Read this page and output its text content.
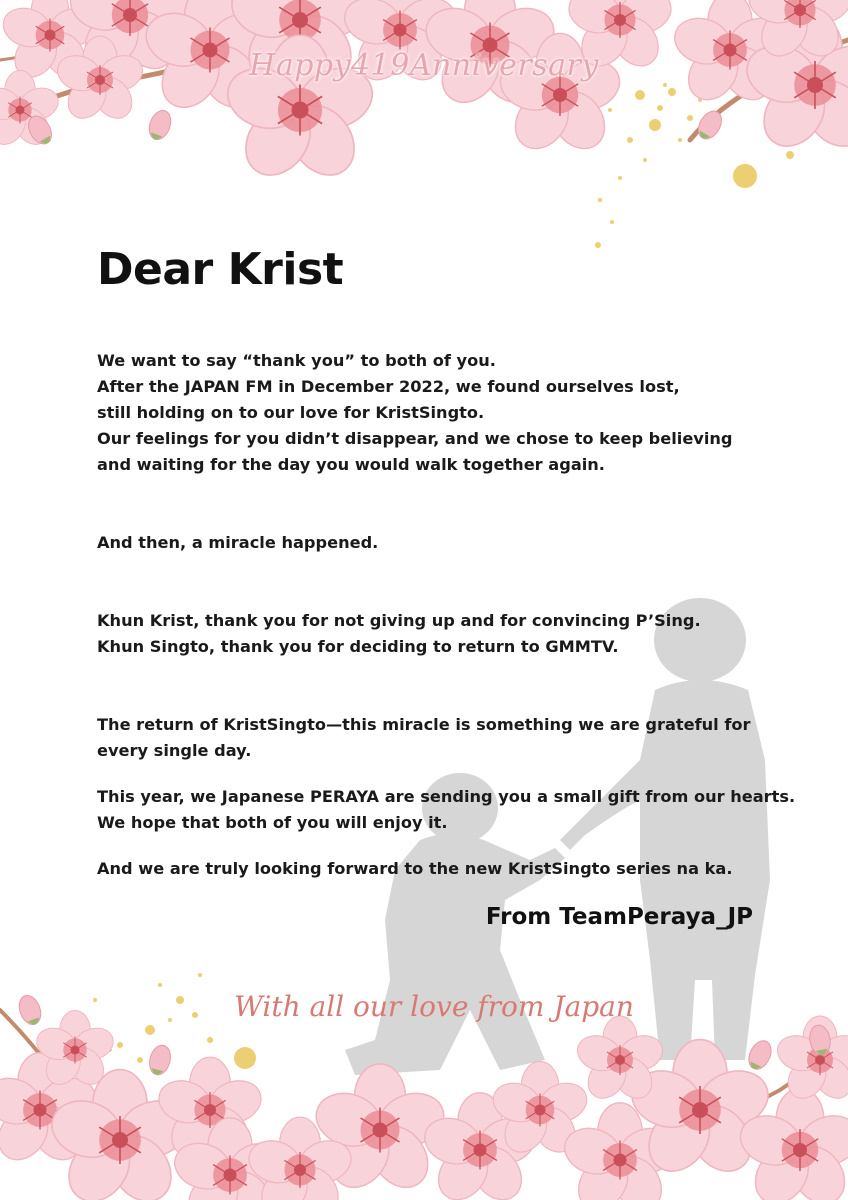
Happy419Anniversary
Dear Krist

We want to say “thank you” to both of you.
After the JAPAN FM in December 2022, we found ourselves lost,
still holding on to our love for KristSingto.
Our feelings for you didn’t disappear, and we chose to keep believing
and waiting for the day you would walk together again.

And then, a miracle happened.

Khun Krist, thank you for not giving up and for convincing P’Sing.
Khun Singto, thank you for deciding to return to GMMTV.

The return of KristSingto—this miracle is something we are grateful for
every single day.

This year, we Japanese PERAYA are sending you a small gift from our hearts.
We hope that both of you will enjoy it.

And we are truly looking forward to the new KristSingto series na ka.

From TeamPeraya_JP
With all our love from Japan
